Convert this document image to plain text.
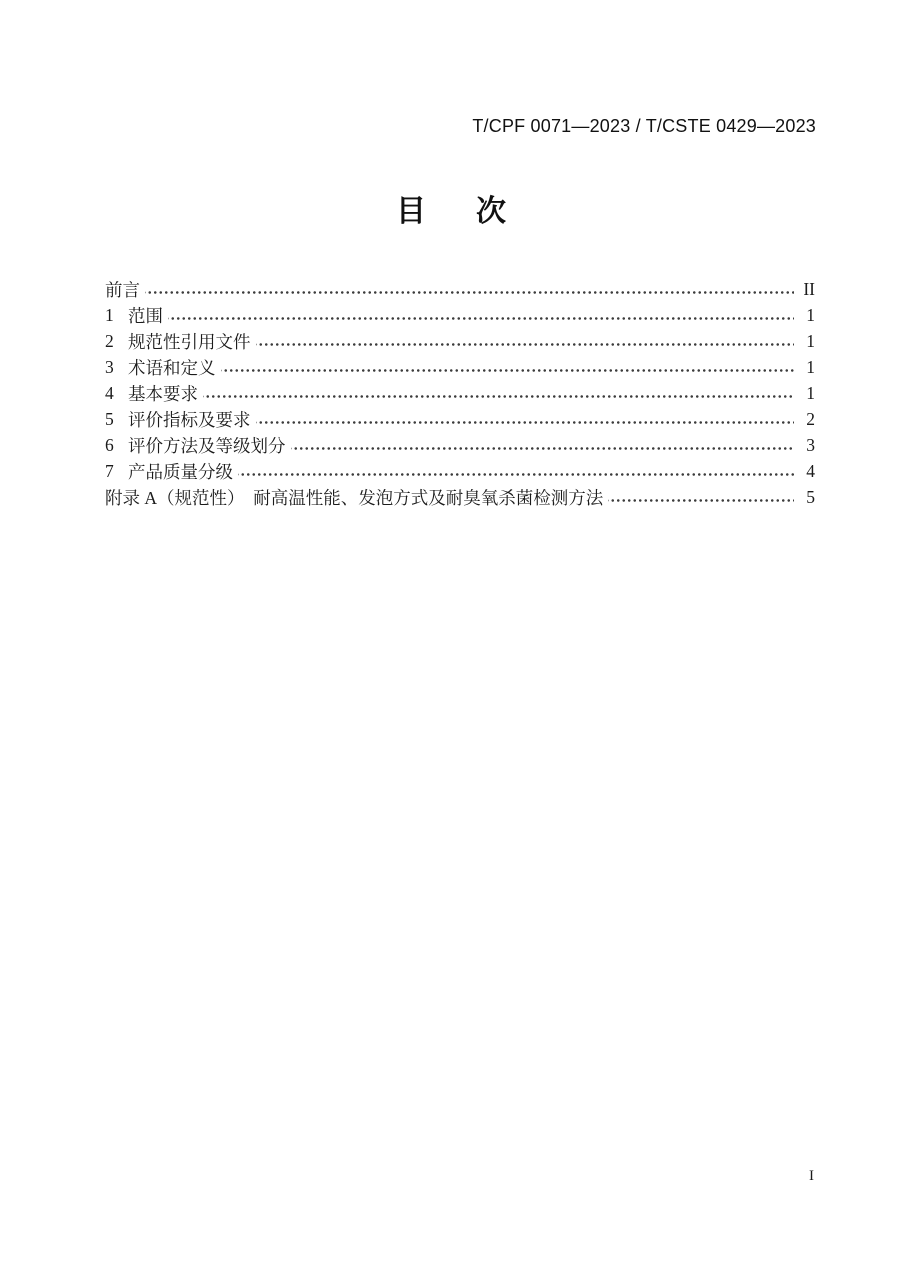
T/CPF 0071—2023 / T/CSTE 0429—2023
目　次
前言	II
1 范围	1
2 规范性引用文件	1
3 术语和定义	1
4 基本要求	1
5 评价指标及要求	2
6 评价方法及等级划分	3
7 产品质量分级	4
附录 A（规范性）　耐高温性能、发泡方式及耐臭氧杀菌检测方法	5
I
